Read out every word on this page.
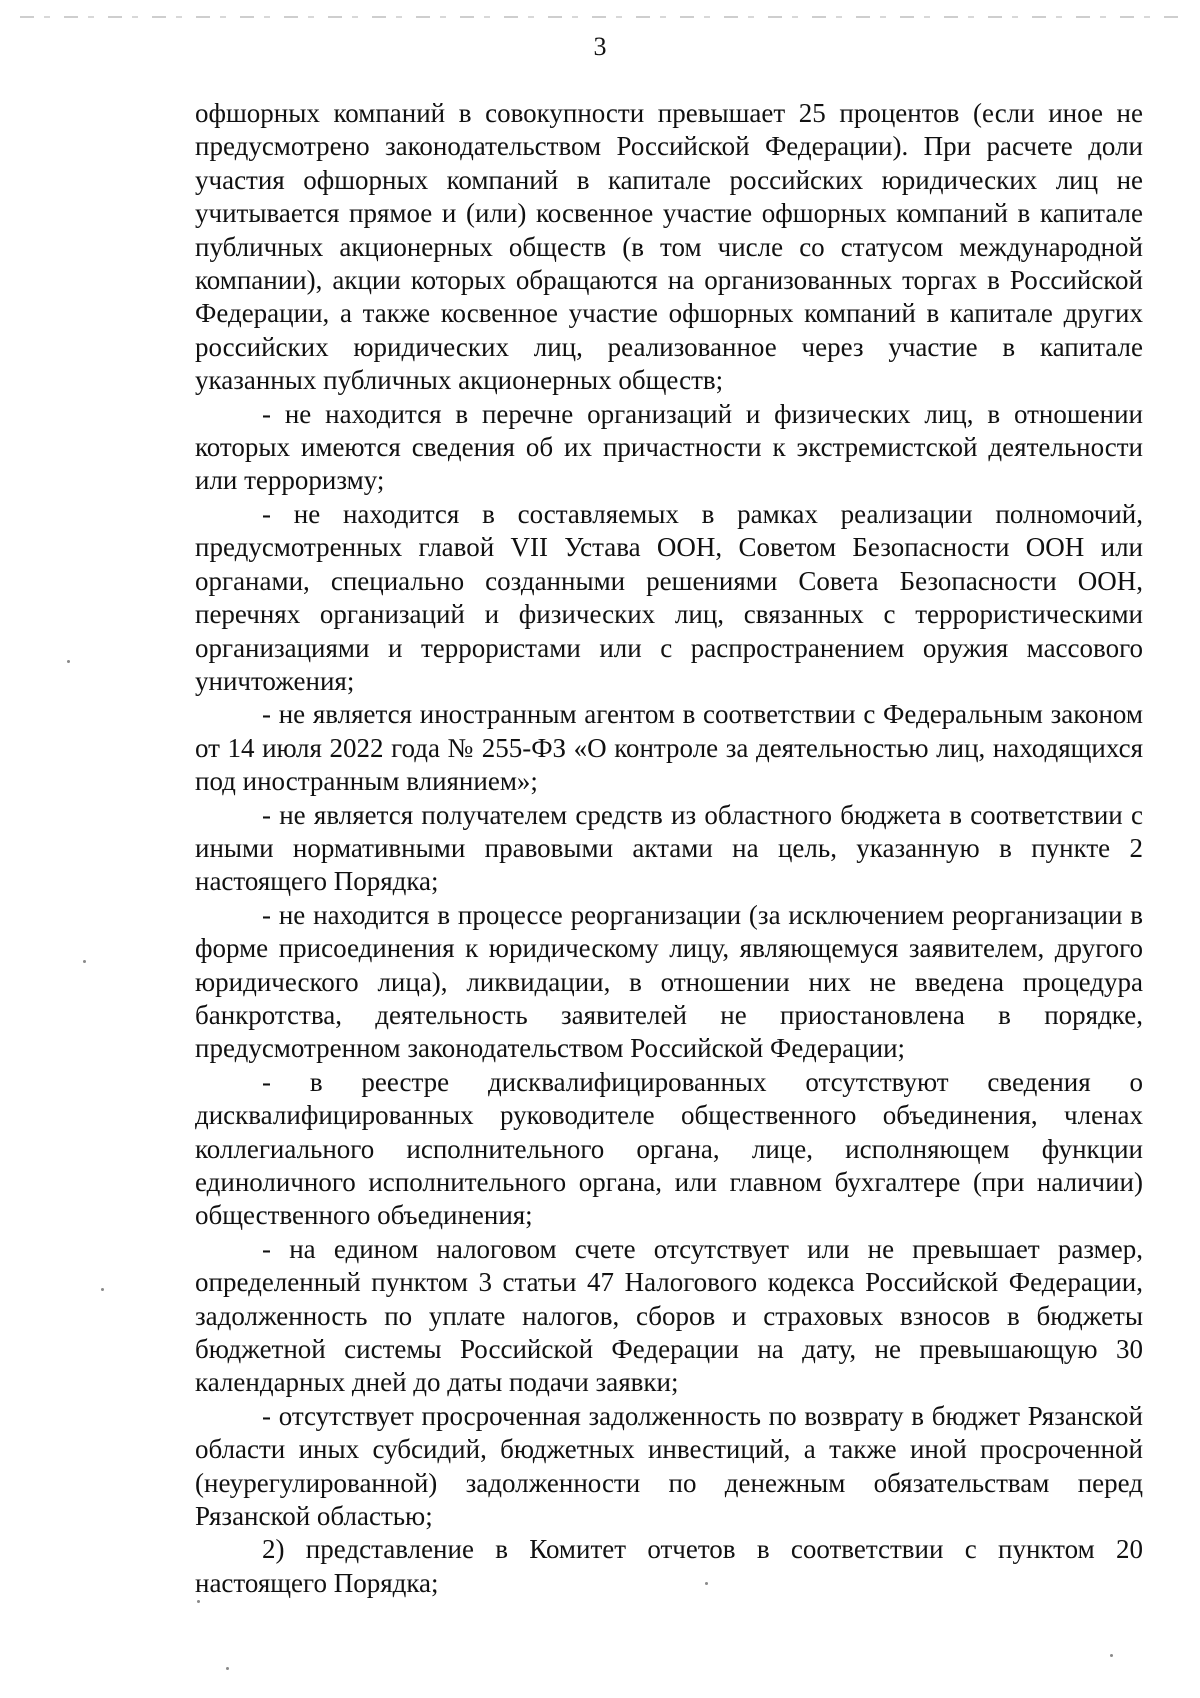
3

офшорных компаний в совокупности превышает 25 процентов (если иное не предусмотрено законодательством Российской Федерации). При расчете доли участия офшорных компаний в капитале российских юридических лиц не учитывается прямое и (или) косвенное участие офшорных компаний в капитале публичных акционерных обществ (в том числе со статусом международной компании), акции которых обращаются на организованных торгах в Российской Федерации, а также косвенное участие офшорных компаний в капитале других российских юридических лиц, реализованное через участие в капитале указанных публичных акционерных обществ;

- не находится в перечне организаций и физических лиц, в отношении которых имеются сведения об их причастности к экстремистской деятельности или терроризму;

- не находится в составляемых в рамках реализации полномочий, предусмотренных главой VII Устава ООН, Советом Безопасности ООН или органами, специально созданными решениями Совета Безопасности ООН, перечнях организаций и физических лиц, связанных с террористическими организациями и террористами или с распространением оружия массового уничтожения;

- не является иностранным агентом в соответствии с Федеральным законом от 14 июля 2022 года № 255-ФЗ «О контроле за деятельностью лиц, находящихся под иностранным влиянием»;

- не является получателем средств из областного бюджета в соответствии с иными нормативными правовыми актами на цель, указанную в пункте 2 настоящего Порядка;

- не находится в процессе реорганизации (за исключением реорганизации в форме присоединения к юридическому лицу, являющемуся заявителем, другого юридического лица), ликвидации, в отношении них не введена процедура банкротства, деятельность заявителей не приостановлена в порядке, предусмотренном законодательством Российской Федерации;

- в реестре дисквалифицированных отсутствуют сведения о дисквалифицированных руководителе общественного объединения, членах коллегиального исполнительного органа, лице, исполняющем функции единоличного исполнительного органа, или главном бухгалтере (при наличии) общественного объединения;

- на едином налоговом счете отсутствует или не превышает размер, определенный пунктом 3 статьи 47 Налогового кодекса Российской Федерации, задолженность по уплате налогов, сборов и страховых взносов в бюджеты бюджетной системы Российской Федерации на дату, не превышающую 30 календарных дней до даты подачи заявки;

- отсутствует просроченная задолженность по возврату в бюджет Рязанской области иных субсидий, бюджетных инвестиций, а также иной просроченной (неурегулированной) задолженности по денежным обязательствам перед Рязанской областью;

2) представление в Комитет отчетов в соответствии с пунктом 20 настоящего Порядка;
